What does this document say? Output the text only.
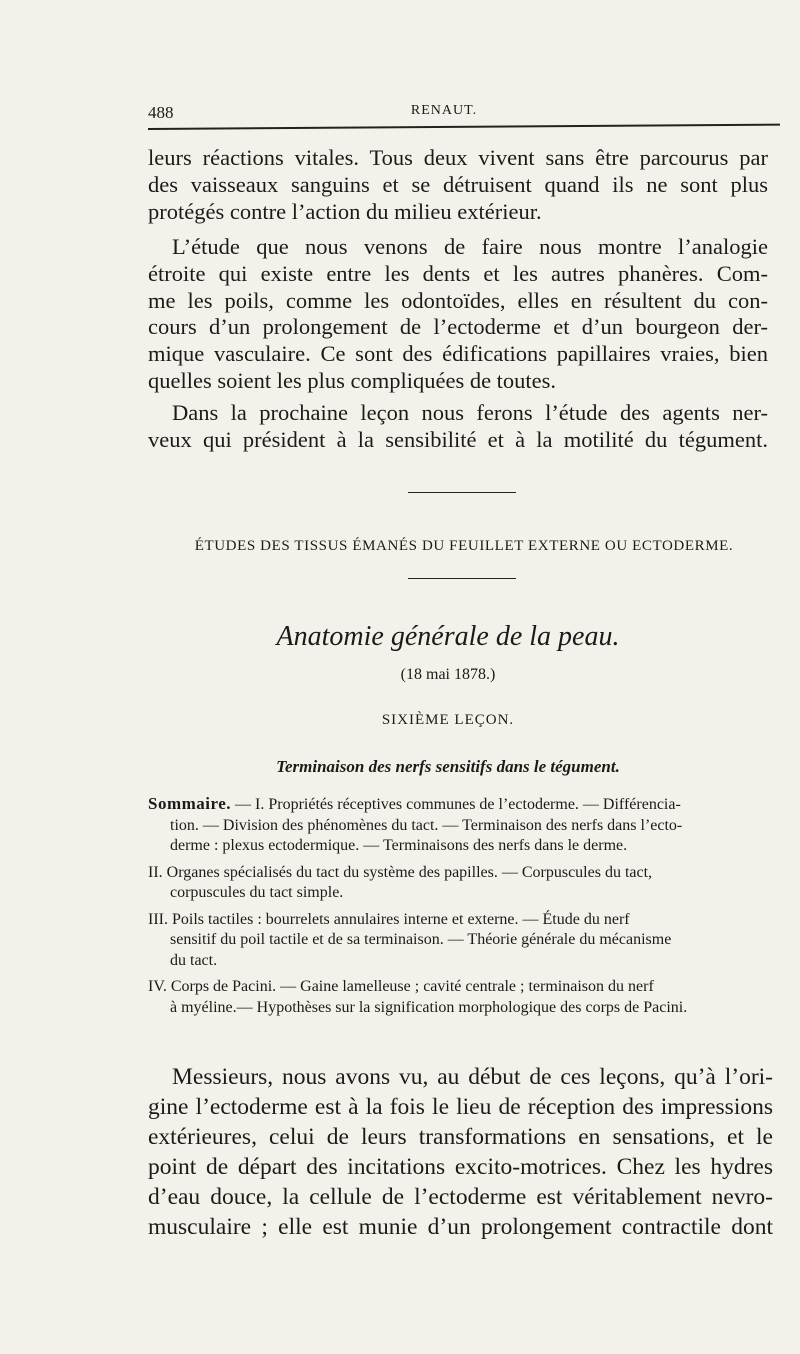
488	RENAUT.
leurs réactions vitales. Tous deux vivent sans être parcourus par
des vaisseaux sanguins et se détruisent quand ils ne sont plus
protégés contre l’action du milieu extérieur.
L’étude que nous venons de faire nous montre l’analogie
étroite qui existe entre les dents et les autres phanères. Com-
me les poils, comme les odontoïdes, elles en résultent du con-
cours d’un prolongement de l’ectoderme et d’un bourgeon der-
mique vasculaire. Ce sont des édifications papillaires vraies, bien
quelles soient les plus compliquées de toutes.
Dans la prochaine leçon nous ferons l’étude des agents ner-
veux qui président à la sensibilité et à la motilité du tégument.
ÉTUDES DES TISSUS ÉMANÉS DU FEUILLET EXTERNE OU ECTODERME.
Anatomie générale de la peau.
(18 mai 1878.)
SIXIÈME LEÇON.
Terminaison des nerfs sensitifs dans le tégument.
Sommaire. — I. Propriétés réceptives communes de l’ectoderme. — Différencia-
tion. — Division des phénomènes du tact. — Terminaison des nerfs dans l’ecto-
derme : plexus ectodermique. — Terminaisons des nerfs dans le derme.
II. Organes spécialisés du tact du système des papilles. — Corpuscules du tact,
corpuscules du tact simple.
III. Poils tactiles : bourrelets annulaires interne et externe. — Étude du nerf
sensitif du poil tactile et de sa terminaison. — Théorie générale du mécanisme
du tact.
IV. Corps de Pacini. — Gaine lamelleuse ; cavité centrale ; terminaison du nerf
à myéline.— Hypothèses sur la signification morphologique des corps de Pacini.
Messieurs, nous avons vu, au début de ces leçons, qu’à l’ori-
gine l’ectoderme est à la fois le lieu de réception des impressions
extérieures, celui de leurs transformations en sensations, et le
point de départ des incitations excito-motrices. Chez les hydres
d’eau douce, la cellule de l’ectoderme est véritablement nevro-
musculaire ; elle est munie d’un prolongement contractile dont
